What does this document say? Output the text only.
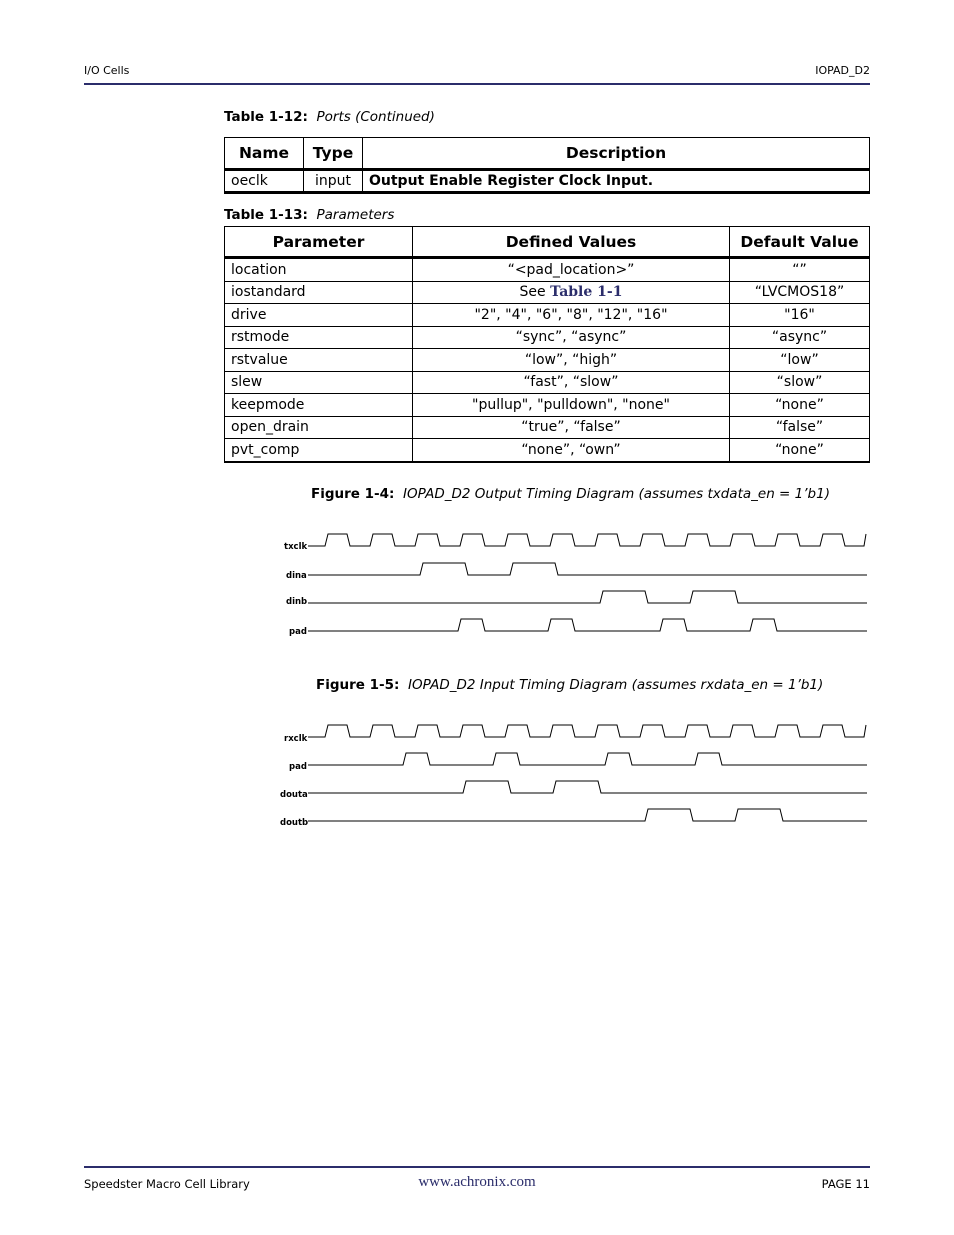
I/O Cells	IOPAD_D2
Table 1-12: Ports (Continued)
Name	Type	Description
oeclk	input	Output Enable Register Clock Input.
Table 1-13: Parameters
Parameter	Defined Values	Default Value
location	“<pad_location>”	“”
iostandard	See Table 1-1	“LVCMOS18”
drive	"2", "4", "6", "8", "12", "16"	"16"
rstmode	“sync”, “async”	“async”
rstvalue	“low”, “high”	“low”
slew	“fast”, “slow”	“slow”
keepmode	"pullup", "pulldown", "none"	“none”
open_drain	“true”, “false”	“false”
pvt_comp	“none”, “own”	“none”
Figure 1-4: IOPAD_D2 Output Timing Diagram (assumes txdata_en = 1’b1)
txclk
dina
dinb
pad
Figure 1-5: IOPAD_D2 Input Timing Diagram (assumes rxdata_en = 1’b1)
rxclk
pad
douta
doutb
Speedster Macro Cell Library	www.achronix.com	PAGE 11
